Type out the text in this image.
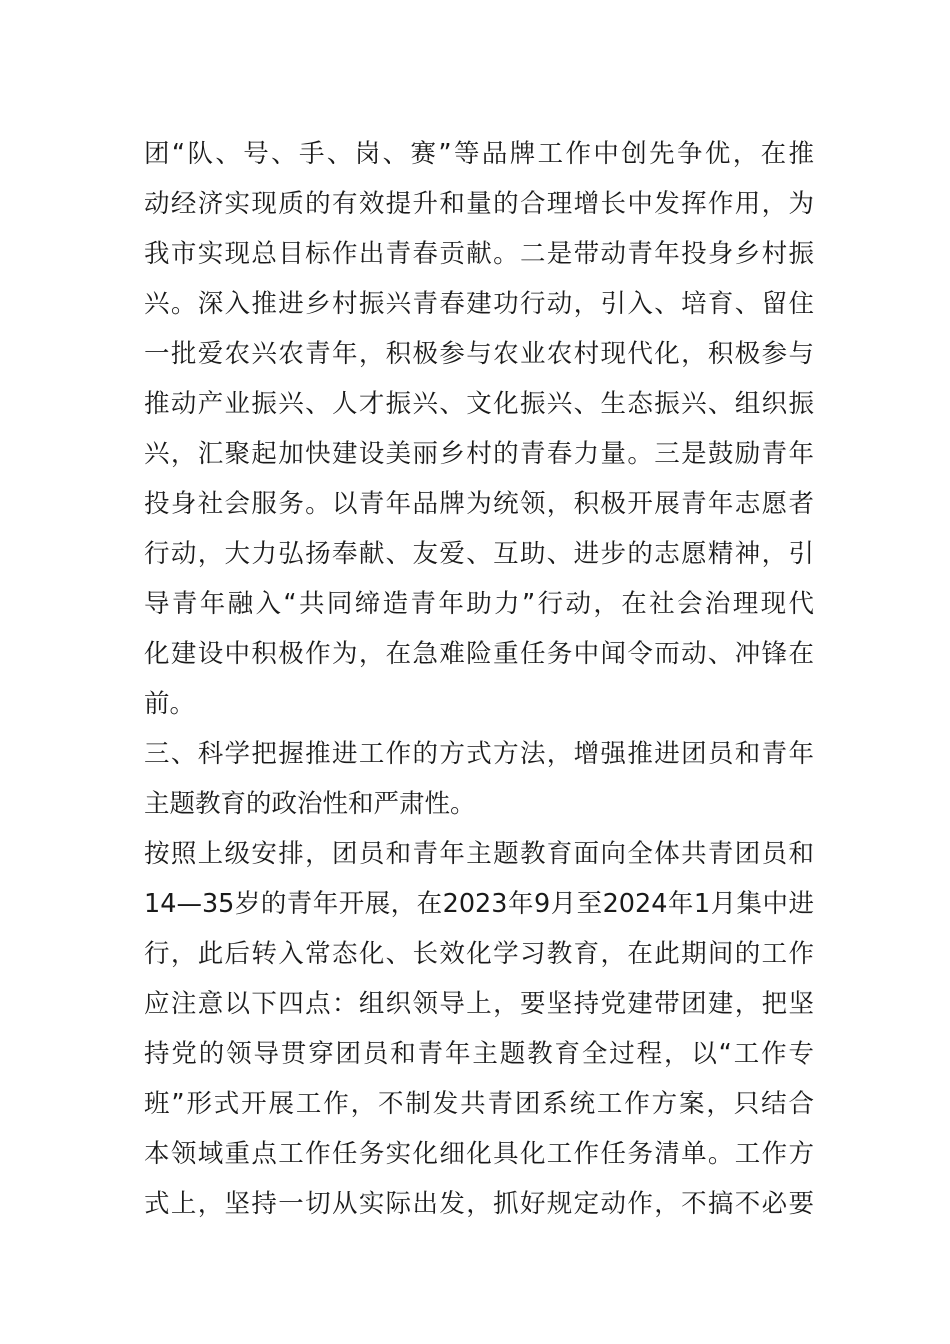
团“队、号、手、岗、赛”等品牌工作中创先争优，在推
动经济实现质的有效提升和量的合理增长中发挥作用，为
我市实现总目标作出青春贡献。二是带动青年投身乡村振
兴。深入推进乡村振兴青春建功行动，引入、培育、留住
一批爱农兴农青年，积极参与农业农村现代化，积极参与
推动产业振兴、人才振兴、文化振兴、生态振兴、组织振
兴，汇聚起加快建设美丽乡村的青春力量。三是鼓励青年
投身社会服务。以青年品牌为统领，积极开展青年志愿者
行动，大力弘扬奉献、友爱、互助、进步的志愿精神，引
导青年融入“共同缔造青年助力”行动，在社会治理现代
化建设中积极作为，在急难险重任务中闻令而动、冲锋在
前。
三、科学把握推进工作的方式方法，增强推进团员和青年
主题教育的政治性和严肃性。
按照上级安排，团员和青年主题教育面向全体共青团员和
14—35岁的青年开展，在2023年9月至2024年1月集中进
行，此后转入常态化、长效化学习教育，在此期间的工作
应注意以下四点：组织领导上，要坚持党建带团建，把坚
持党的领导贯穿团员和青年主题教育全过程，以“工作专
班”形式开展工作，不制发共青团系统工作方案，只结合
本领域重点工作任务实化细化具化工作任务清单。工作方
式上，坚持一切从实际出发，抓好规定动作，不搞不必要
